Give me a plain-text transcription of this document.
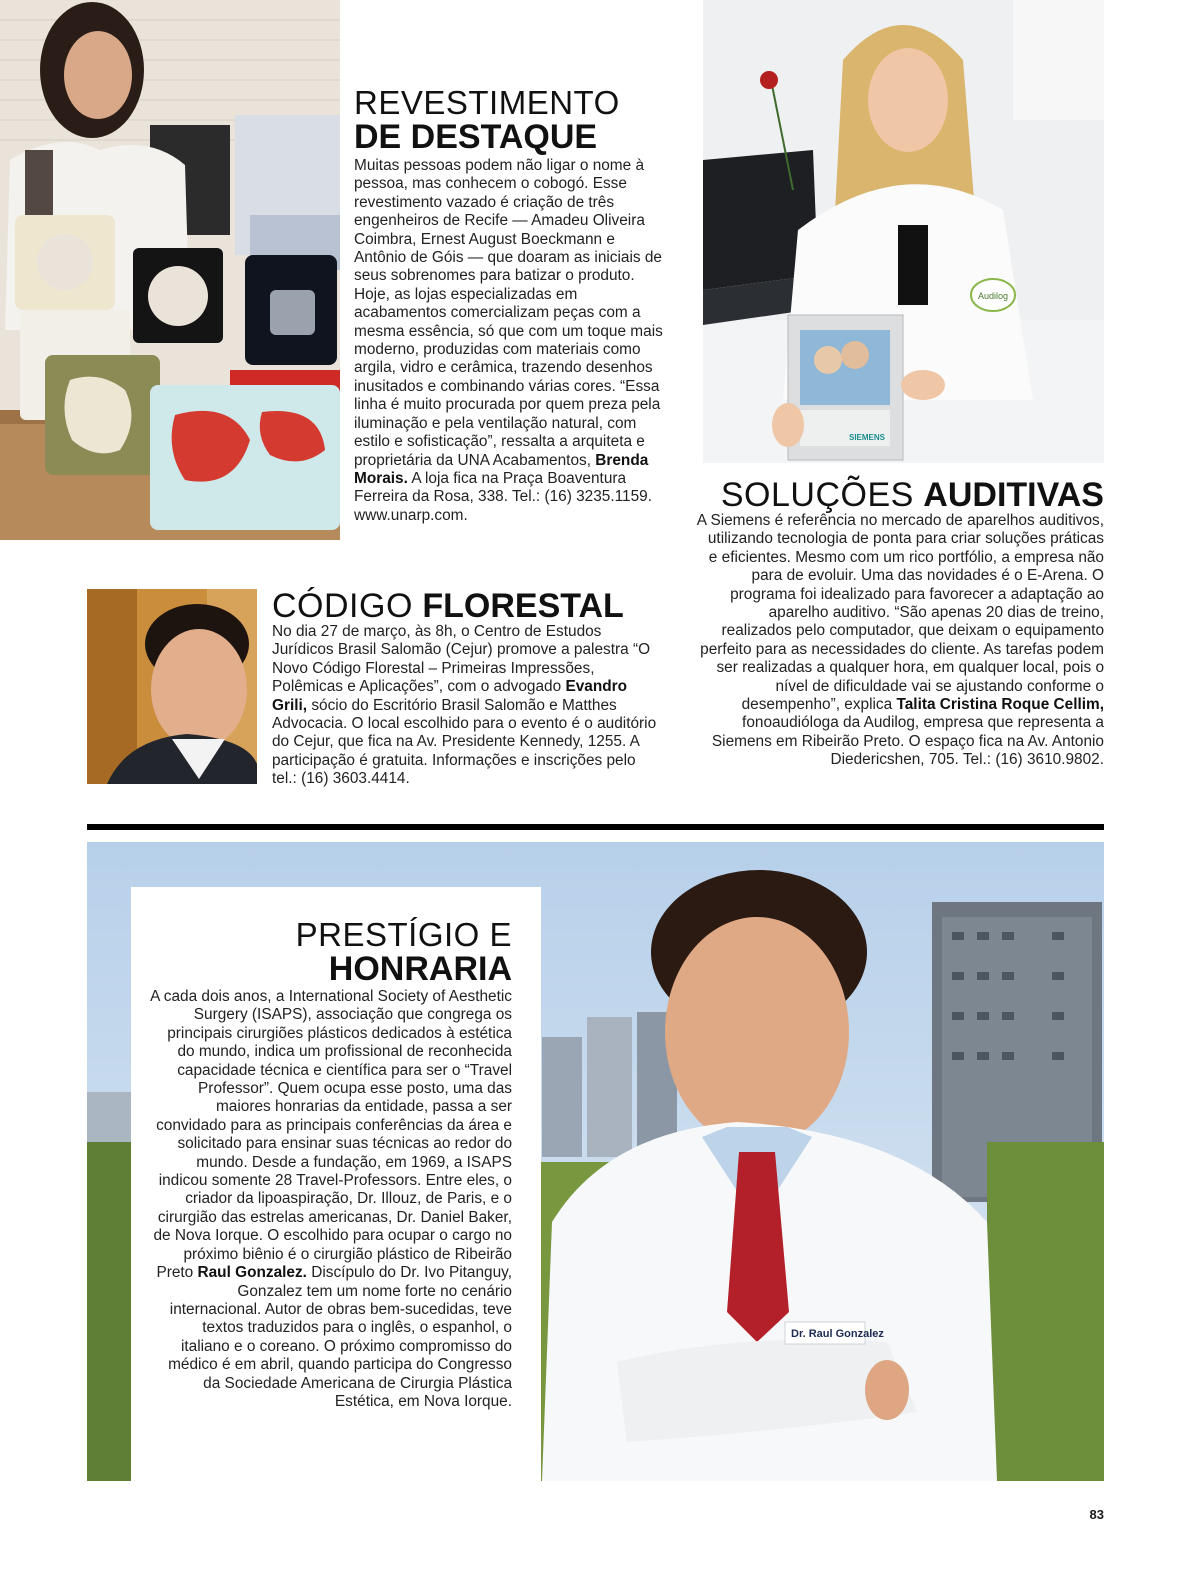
REVESTIMENTO
DE DESTAQUE
Muitas pessoas podem não ligar o nome à pessoa, mas conhecem o cobogó. Esse revestimento vazado é criação de três engenheiros de Recife — Amadeu Oliveira Coimbra, Ernest August Boeckmann e Antônio de Góis — que doaram as iniciais de seus sobrenomes para batizar o produto. Hoje, as lojas especializadas em acabamentos comercializam peças com a mesma essência, só que com um toque mais moderno, produzidas com materiais como argila, vidro e cerâmica, trazendo desenhos inusitados e combinando várias cores. “Essa linha é muito procurada por quem preza pela iluminação e pela ventilação natural, com estilo e sofisticação”, ressalta a arquiteta e proprietária da UNA Acabamentos, Brenda Morais. A loja fica na Praça Boaventura Ferreira da Rosa, 338. Tel.: (16) 3235.1159. www.unarp.com.
Audilog
SIEMENS
SOLUÇÕES AUDITIVAS
A Siemens é referência no mercado de aparelhos auditivos, utilizando tecnologia de ponta para criar soluções práticas e eficientes. Mesmo com um rico portfólio, a empresa não para de evoluir. Uma das novidades é o E-Arena. O programa foi idealizado para favorecer a adaptação ao aparelho auditivo. “São apenas 20 dias de treino, realizados pelo computador, que deixam o equipamento perfeito para as necessidades do cliente. As tarefas podem ser realizadas a qualquer hora, em qualquer local, pois o nível de dificuldade vai se ajustando conforme o desempenho”, explica Talita Cristina Roque Cellim, fonoaudióloga da Audilog, empresa que representa a Siemens em Ribeirão Preto. O espaço fica na Av. Antonio Diedericshen, 705. Tel.: (16) 3610.9802.
CÓDIGO FLORESTAL
No dia 27 de março, às 8h, o Centro de Estudos Jurídicos Brasil Salomão (Cejur) promove a palestra “O Novo Código Florestal – Primeiras Impressões, Polêmicas e Aplicações”, com o advogado Evandro Grili, sócio do Escritório Brasil Salomão e Matthes Advocacia. O local escolhido para o evento é o auditório do Cejur, que fica na Av. Presidente Kennedy, 1255. A participação é gratuita. Informações e inscrições pelo tel.: (16) 3603.4414.
Dr. Raul Gonzalez
PRESTÍGIO E
HONRARIA
A cada dois anos, a International Society of Aesthetic Surgery (ISAPS), associação que congrega os principais cirurgiões plásticos dedicados à estética do mundo, indica um profissional de reconhecida capacidade técnica e científica para ser o “Travel Professor”. Quem ocupa esse posto, uma das maiores honrarias da entidade, passa a ser convidado para as principais conferências da área e solicitado para ensinar suas técnicas ao redor do mundo. Desde a fundação, em 1969, a ISAPS indicou somente 28 Travel-Professors. Entre eles, o criador da lipoaspiração, Dr. Illouz, de Paris, e o cirurgião das estrelas americanas, Dr. Daniel Baker, de Nova Iorque. O escolhido para ocupar o cargo no próximo biênio é o cirurgião plástico de Ribeirão Preto Raul Gonzalez. Discípulo do Dr. Ivo Pitanguy, Gonzalez tem um nome forte no cenário internacional. Autor de obras bem-sucedidas, teve textos traduzidos para o inglês, o espanhol, o italiano e o coreano. O próximo compromisso do médico é em abril, quando participa do Congresso da Sociedade Americana de Cirurgia Plástica Estética, em Nova Iorque.
83
